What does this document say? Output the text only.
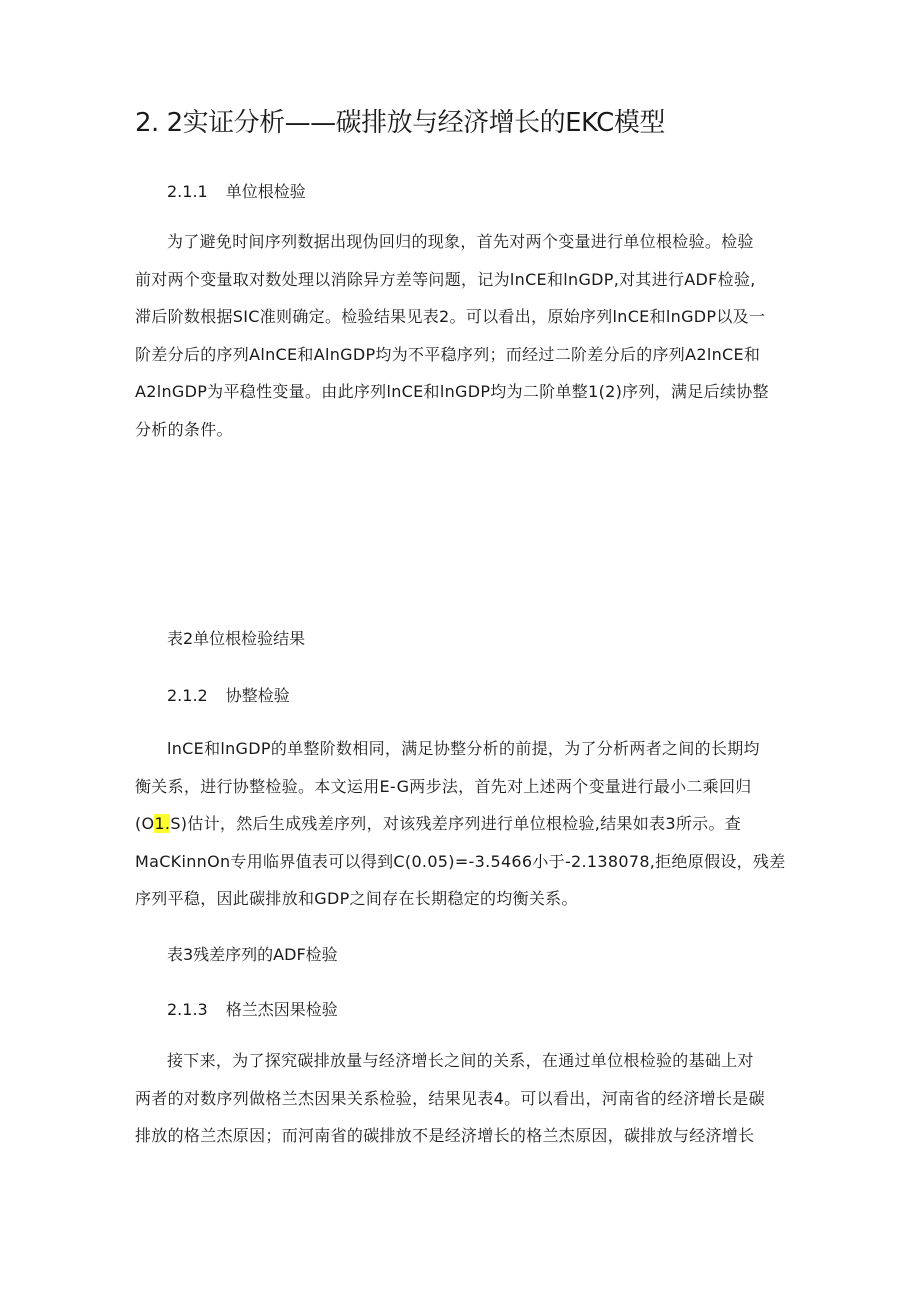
2. 2实证分析——碳排放与经济增长的EKC模型
2.1.1 单位根检验
为了避免时间序列数据出现伪回归的现象，首先对两个变量进行单位根检验。检验
前对两个变量取对数处理以消除异方差等问题，记为lnCE和lnGDP,对其进行ADF检验,
滞后阶数根据SIC准则确定。检验结果见表2。可以看出，原始序列lnCE和lnGDP以及一
阶差分后的序列AlnCE和AlnGDP均为不平稳序列；而经过二阶差分后的序列A2lnCE和
A2lnGDP为平稳性变量。由此序列lnCE和lnGDP均为二阶单整1(2)序列，满足后续协整
分析的条件。
表2单位根检验结果
2.1.2 协整检验
lnCE和lnGDP的单整阶数相同，满足协整分析的前提，为了分析两者之间的长期均
衡关系，进行协整检验。本文运用E-G两步法，首先对上述两个变量进行最小二乘回归
(O1.S)估计，然后生成残差序列，对该残差序列进行单位根检验,结果如表3所示。查
MaCKinnOn专用临界值表可以得到C(0.05)=-3.5466小于-2.138078,拒绝原假设，残差
序列平稳，因此碳排放和GDP之间存在长期稳定的均衡关系。
表3残差序列的ADF检验
2.1.3 格兰杰因果检验
接下来，为了探究碳排放量与经济增长之间的关系，在通过单位根检验的基础上对
两者的对数序列做格兰杰因果关系检验，结果见表4。可以看出，河南省的经济增长是碳
排放的格兰杰原因；而河南省的碳排放不是经济增长的格兰杰原因，碳排放与经济增长
